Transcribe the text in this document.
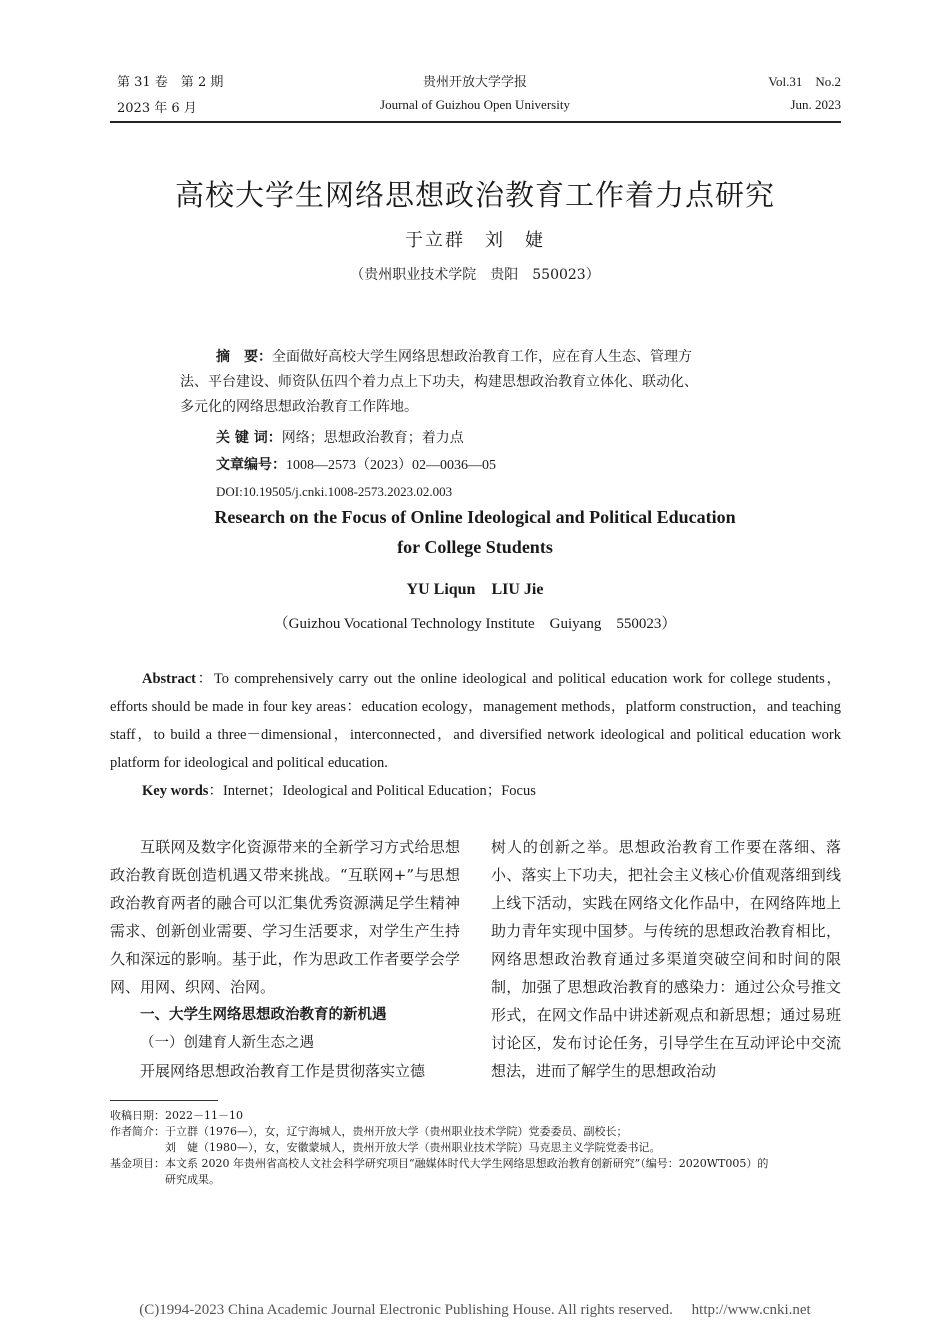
第 31 卷　第 2 期
2023 年 6 月
贵州开放大学学报
Journal of Guizhou Open University
Vol.31　No.2
Jun. 2023
高校大学生网络思想政治教育工作着力点研究
于立群　刘　婕
（贵州职业技术学院　贵阳　550023）
摘　要：全面做好高校大学生网络思想政治教育工作，应在育人生态、管理方
法、平台建设、师资队伍四个着力点上下功夫，构建思想政治教育立体化、联动化、
多元化的网络思想政治教育工作阵地。
关 键 词：网络；思想政治教育；着力点
文章编号：1008—2573（2023）02—0036—05
DOI:10.19505/j.cnki.1008-2573.2023.02.003
Research on the Focus of Online Ideological and Political Education
for College Students
YU Liqun　LIU Jie
（Guizhou Vocational Technology Institute　Guiyang　550023）
Abstract：To comprehensively carry out the online ideological and political education work for college students，efforts should be made in four key areas：education ecology，management methods，platform construction，and teaching staff，to build a three－dimensional，interconnected，and diversified network ideological and political education work platform for ideological and political education.
Key words：Internet；Ideological and Political Education；Focus

互联网及数字化资源带来的全新学习方式给思想政治教育既创造机遇又带来挑战。“互联网+”与思想政治教育两者的融合可以汇集优秀资源满足学生精神需求、创新创业需要、学习生活要求，对学生产生持久和深远的影响。基于此，作为思政工作者要学会学网、用网、织网、治网。

一、大学生网络思想政治教育的新机遇

（一）创建育人新生态之遇

开展网络思想政治教育工作是贯彻落实立德

树人的创新之举。思想政治教育工作要在落细、落小、落实上下功夫，把社会主义核心价值观落细到线上线下活动，实践在网络文化作品中，在网络阵地上助力青年实现中国梦。与传统的思想政治教育相比，网络思想政治教育通过多渠道突破空间和时间的限制，加强了思想政治教育的感染力：通过公众号推文形式，在网文作品中讲述新观点和新思想；通过易班讨论区，发布讨论任务，引导学生在互动评论中交流想法，进而了解学生的思想政治动

收稿日期：2022－11－10
作者简介：于立群（1976—），女，辽宁海城人，贵州开放大学（贵州职业技术学院）党委委员、副校长；
刘　婕（1980—），女，安徽蒙城人，贵州开放大学（贵州职业技术学院）马克思主义学院党委书记。
基金项目：本文系 2020 年贵州省高校人文社会科学研究项目“融媒体时代大学生网络思想政治教育创新研究”（编号：2020WT005）的
研究成果。
(C)1994-2023 China Academic Journal Electronic Publishing House. All rights reserved.　 http://www.cnki.net
